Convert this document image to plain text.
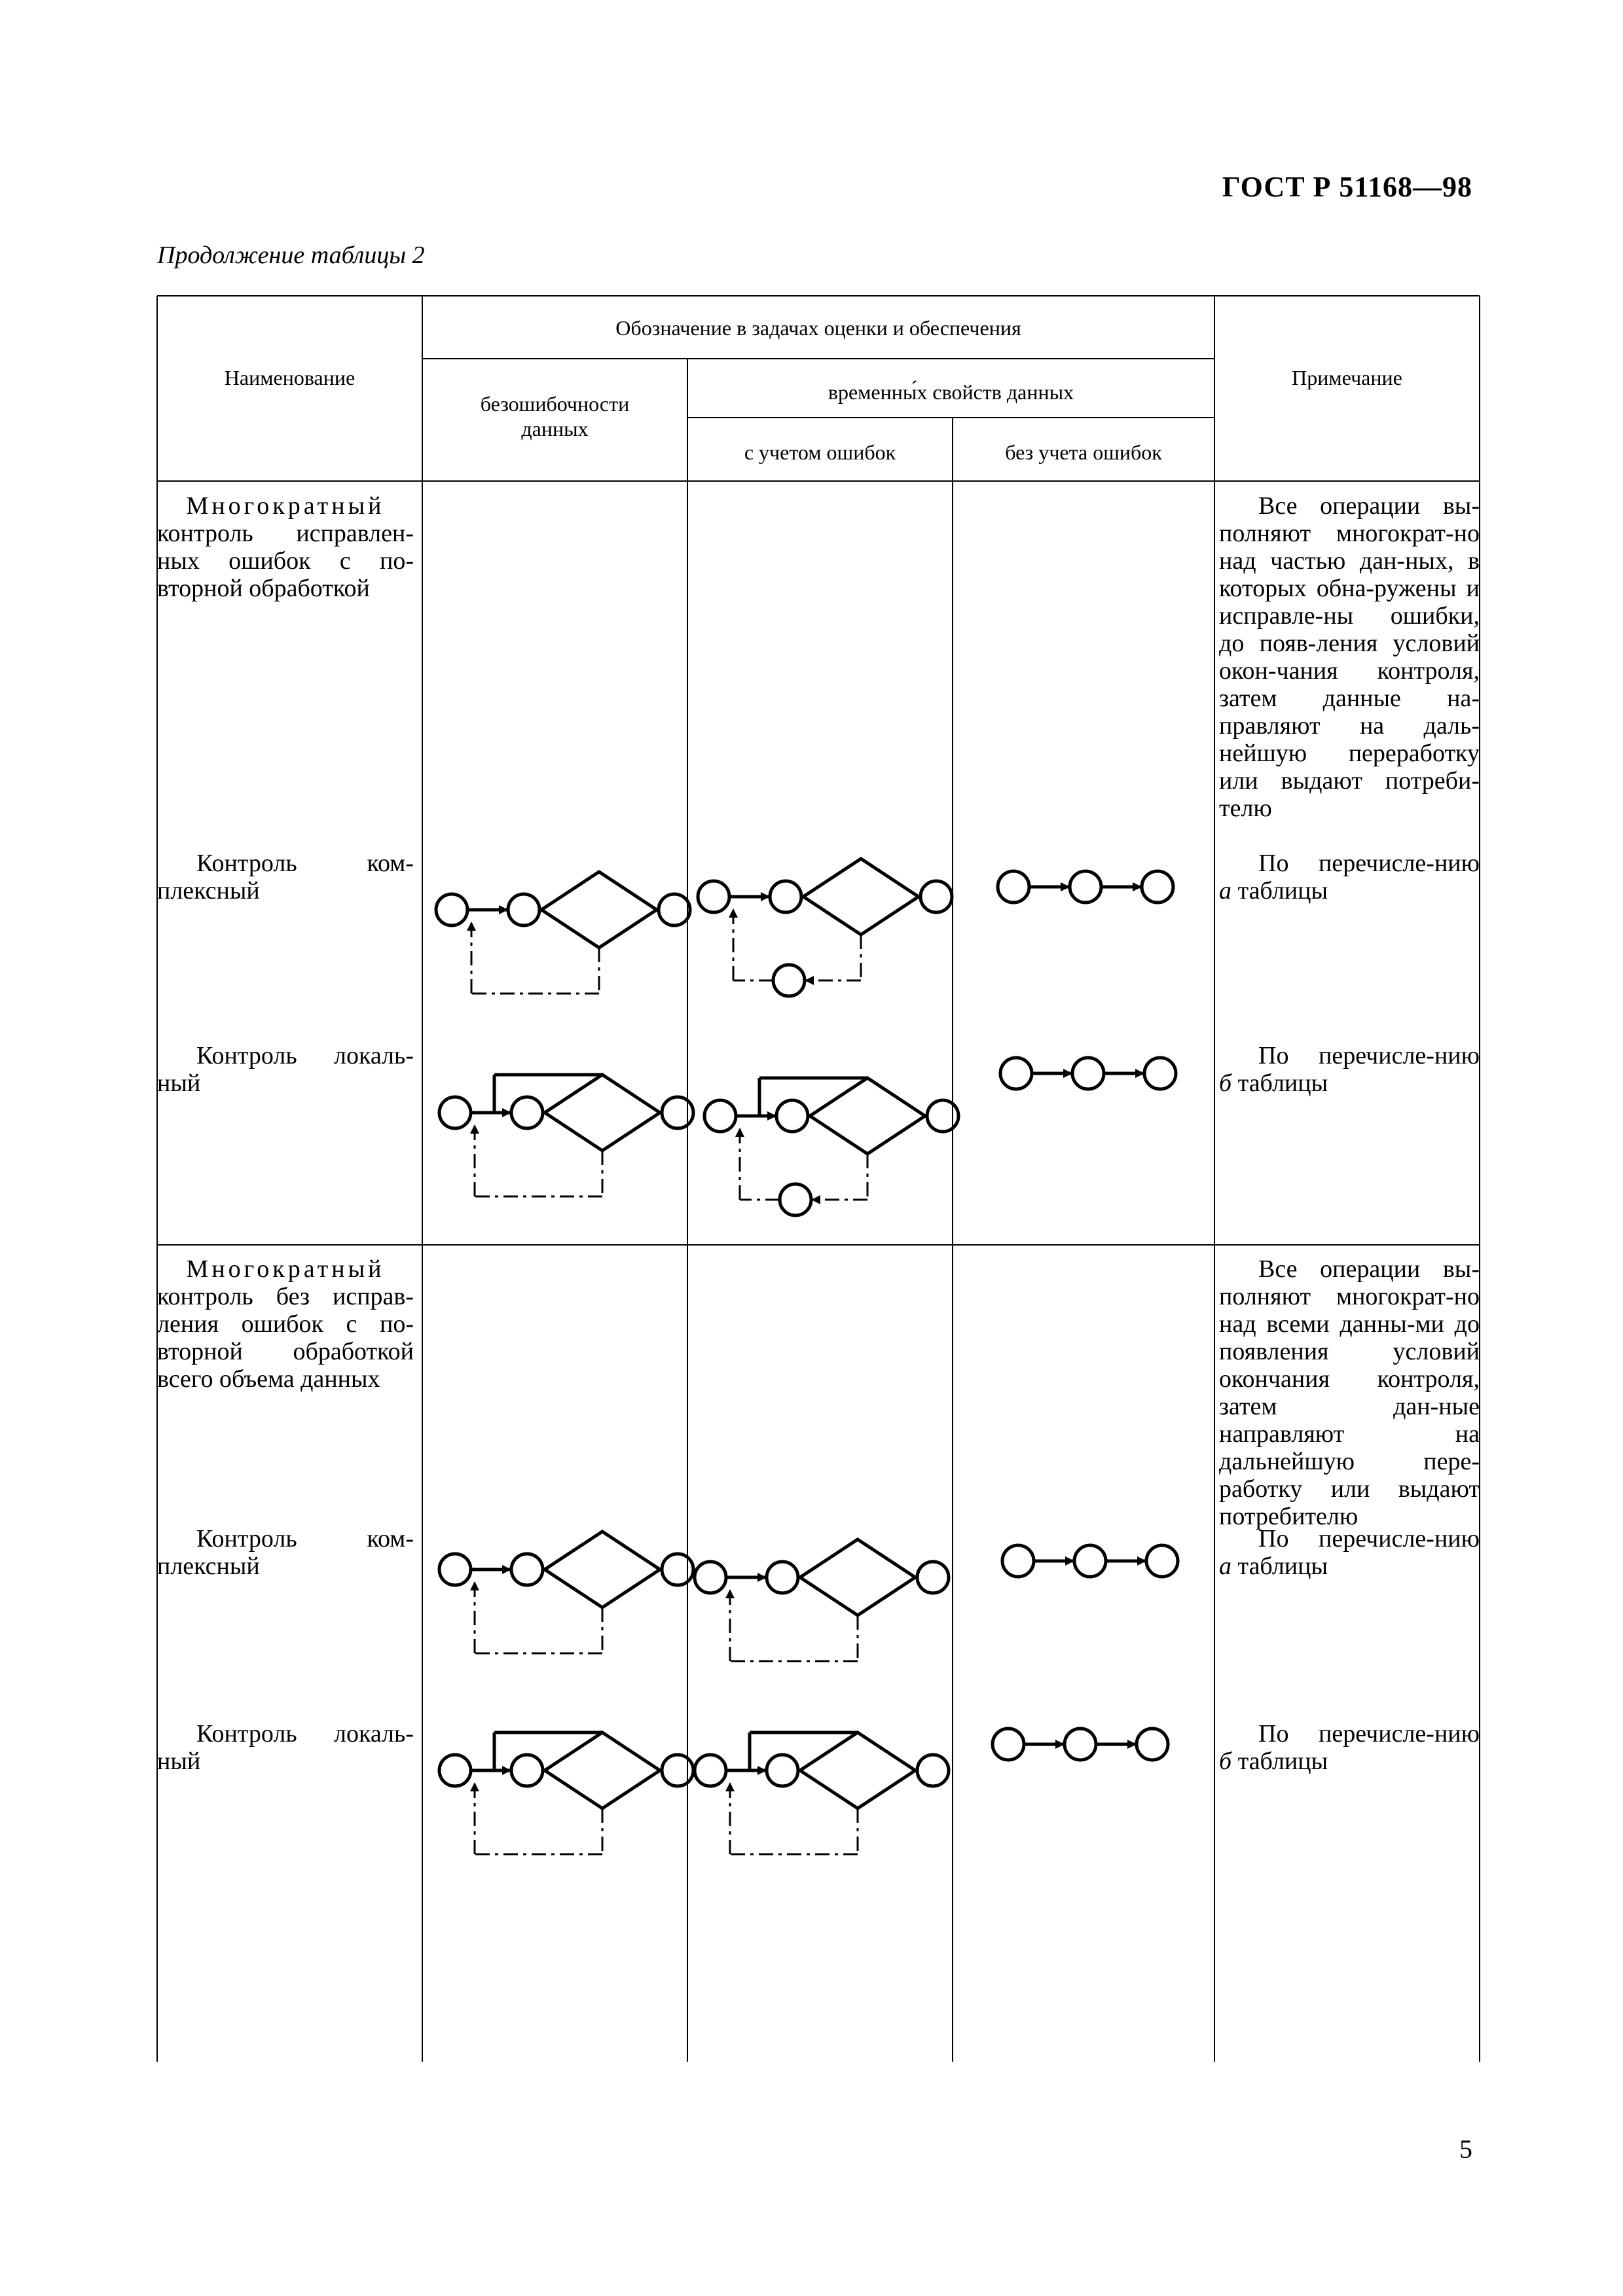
ГОСТ Р 51168—98
Продолжение таблицы 2
Наименование
Обозначение в задачах оценки и обеспечения
безошибочности данных
временны́х свойств данных
с учетом ошибок	без учета ошибок
Примечание
Многократный
контроль исправлен-ных ошибок с по-вторной обработкой
Все операции вы-полняют многократ-но над частью дан-ных, в которых обна-ружены и исправле-ны ошибки, до появ-ления условий окон-чания контроля, затем данные на-правляют на даль-нейшую переработку или выдают потреби-телю
Контроль ком-плексный
По перечисле-нию
а таблицы
Контроль локаль-ный
По перечисле-нию
б таблицы
Многократный
контроль без исправ-ления ошибок с по-вторной обработкой всего объема данных
Все операции вы-полняют многократ-но над всеми данны-ми до появления условий окончания контроля, затем дан-ные направляют на дальнейшую пере-работку или выдают потребителю
Контроль ком-плексный
По перечисле-нию
а таблицы
Контроль локаль-ный
По перечисле-нию
б таблицы
5
